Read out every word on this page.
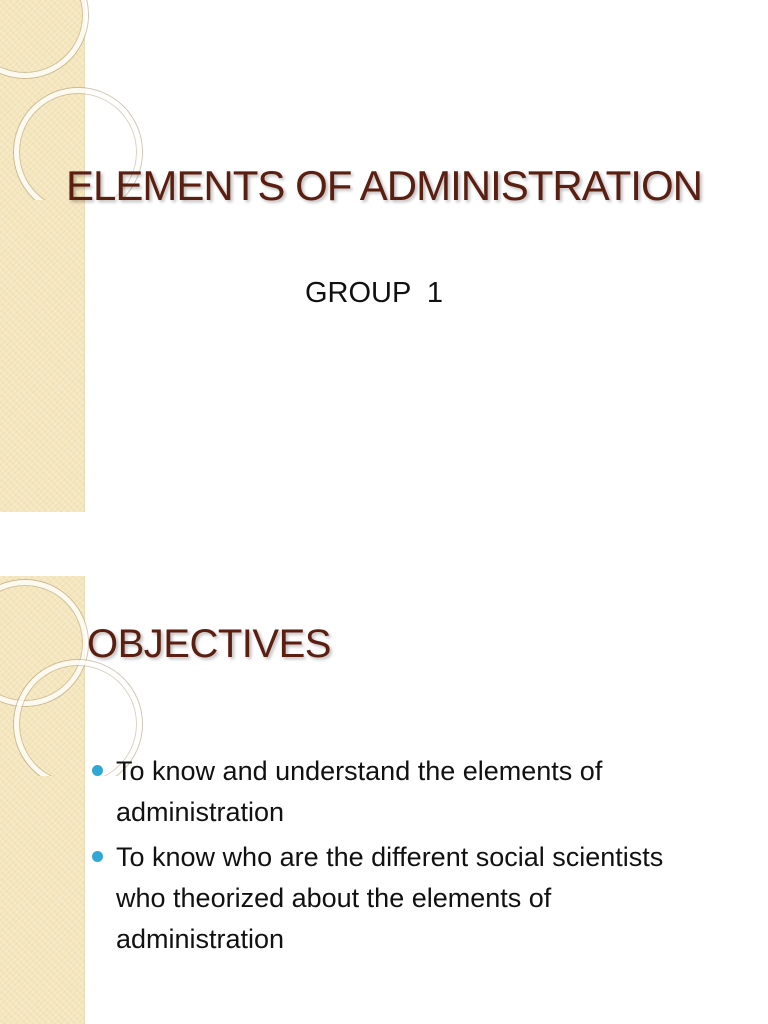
ELEMENTS OF ADMINISTRATION
GROUP  1
OBJECTIVES
To know and understand the elements of administration
To know who are the different social scientists who theorized about the elements of administration
